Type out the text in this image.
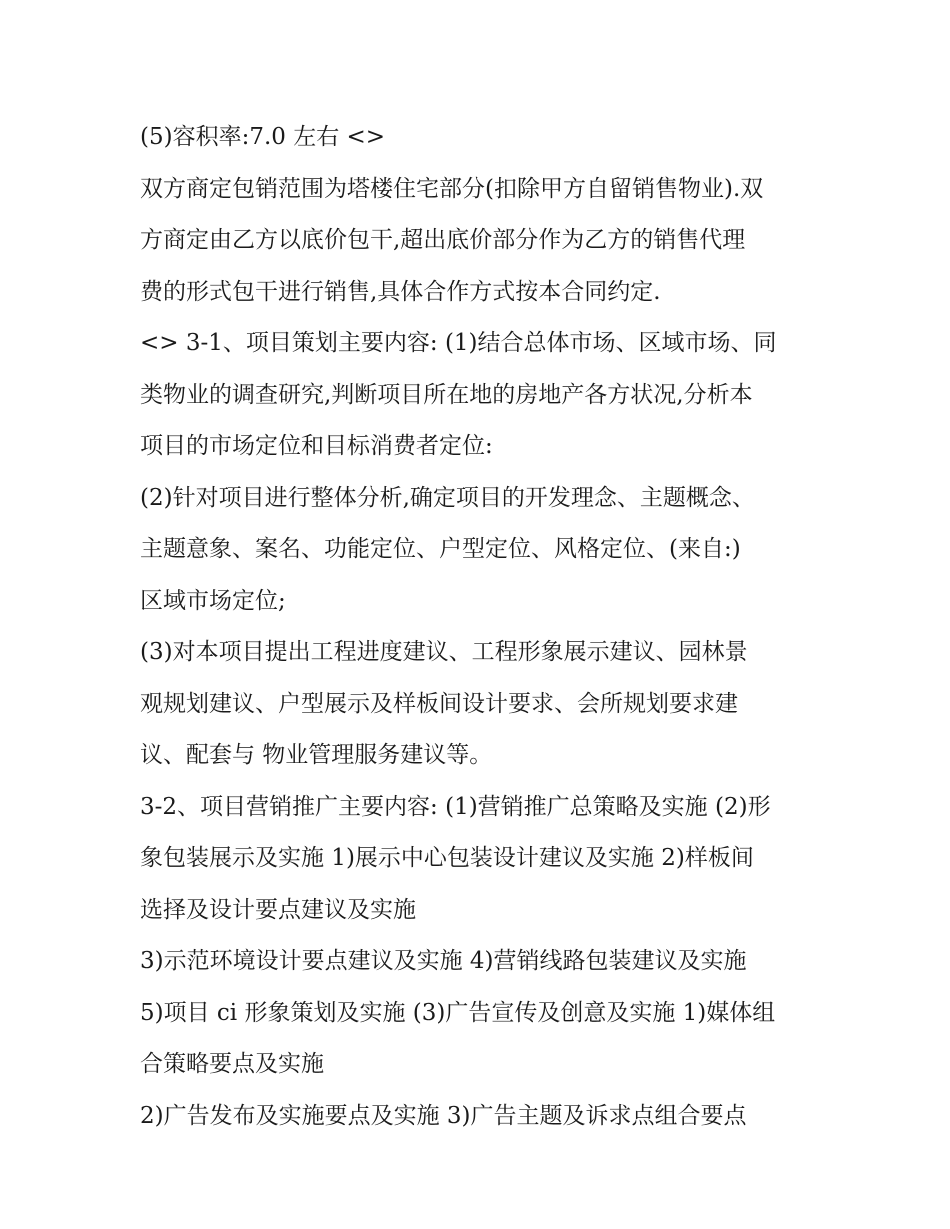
(5)容积率:7.0 左右 <>
双方商定包销范围为塔楼住宅部分(扣除甲方自留销售物业).双
方商定由乙方以底价包干,超出底价部分作为乙方的销售代理
费的形式包干进行销售,具体合作方式按本合同约定.
<> 3-1、项目策划主要内容: (1)结合总体市场、区域市场、同
类物业的调查研究,判断项目所在地的房地产各方状况,分析本
项目的市场定位和目标消费者定位:
(2)针对项目进行整体分析,确定项目的开发理念、主题概念、
主题意象、案名、功能定位、户型定位、风格定位、(来自:)
区域市场定位;
(3)对本项目提出工程进度建议、工程形象展示建议、园林景
观规划建议、户型展示及样板间设计要求、会所规划要求建
议、配套与 物业管理服务建议等。
3-2、项目营销推广主要内容: (1)营销推广总策略及实施 (2)形
象包装展示及实施 1)展示中心包装设计建议及实施 2)样板间
选择及设计要点建议及实施
3)示范环境设计要点建议及实施 4)营销线路包装建议及实施
5)项目 ci 形象策划及实施 (3)广告宣传及创意及实施 1)媒体组
合策略要点及实施
2)广告发布及实施要点及实施 3)广告主题及诉求点组合要点
